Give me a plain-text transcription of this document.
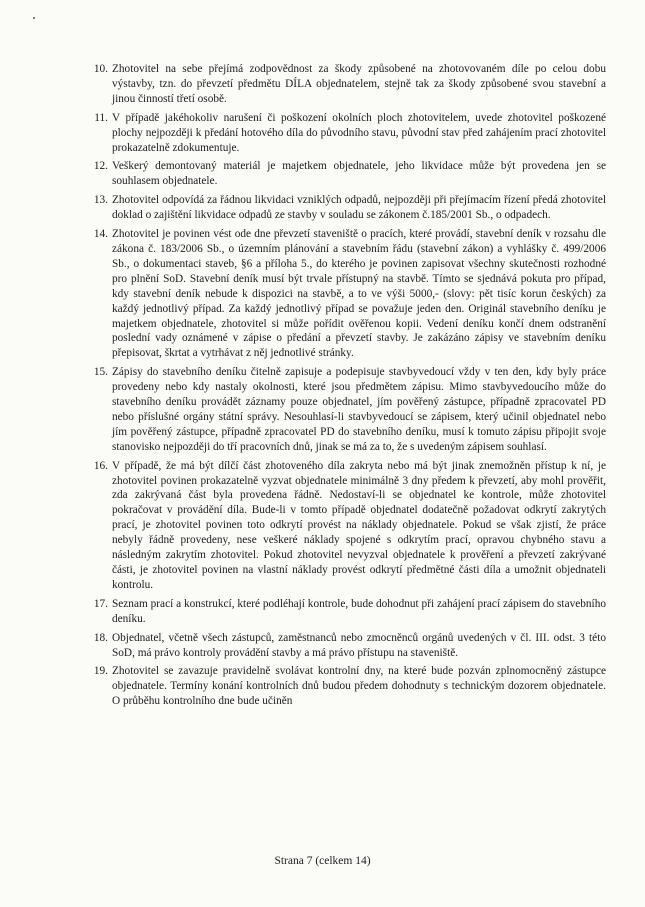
10. Zhotovitel na sebe přejímá zodpovědnost za škody způsobené na zhotovovaném díle po celou dobu výstavby, tzn. do převzetí předmětu DÍLA objednatelem, stejně tak za škody způsobené svou stavební a jinou činností třetí osobě.
11. V případě jakéhokoliv narušení či poškození okolních ploch zhotovitelem, uvede zhotovitel poškozené plochy nejpozději k předání hotového díla do původního stavu, původní stav před zahájením prací zhotovitel prokazatelně zdokumentuje.
12. Veškerý demontovaný materiál je majetkem objednatele, jeho likvidace může být provedena jen se souhlasem objednatele.
13. Zhotovitel odpovídá za řádnou likvidaci vzniklých odpadů, nejpozději při přejímacím řízení předá zhotovitel doklad o zajištění likvidace odpadů ze stavby v souladu se zákonem č.185/2001 Sb., o odpadech.
14. Zhotovitel je povinen vést ode dne převzetí staveniště o pracích, které provádí, stavební deník v rozsahu dle zákona č. 183/2006 Sb., o územním plánování a stavebním řádu (stavební zákon) a vyhlášky č. 499/2006 Sb., o dokumentaci staveb, §6 a příloha 5., do kterého je povinen zapisovat všechny skutečnosti rozhodné pro plnění SoD. Stavební deník musí být trvale přístupný na stavbě. Tímto se sjednává pokuta pro případ, kdy stavební deník nebude k dispozici na stavbě, a to ve výši 5000,- (slovy: pět tisíc korun českých) za každý jednotlivý případ. Za každý jednotlivý případ se považuje jeden den. Originál stavebního deníku je majetkem objednatele, zhotovitel si může pořídit ověřenou kopii. Vedení deníku končí dnem odstranění poslední vady oznámené v zápise o předání a převzetí stavby. Je zakázáno zápisy ve stavebním deníku přepisovat, škrtat a vytrhávat z něj jednotlivé stránky.
15. Zápisy do stavebního deníku čitelně zapisuje a podepisuje stavbyvedoucí vždy v ten den, kdy byly práce provedeny nebo kdy nastaly okolnosti, které jsou předmětem zápisu. Mimo stavbyvedoucího může do stavebního deníku provádět záznamy pouze objednatel, jím pověřený zástupce, případně zpracovatel PD nebo příslušné orgány státní správy. Nesouhlasí-li stavbyvedoucí se zápisem, který učinil objednatel nebo jím pověřený zástupce, případně zpracovatel PD do stavebního deníku, musí k tomuto zápisu připojit svoje stanovisko nejpozději do tří pracovních dnů, jinak se má za to, že s uvedeným zápisem souhlasí.
16. V případě, že má být dílčí část zhotoveného díla zakryta nebo má být jinak znemožněn přístup k ní, je zhotovitel povinen prokazatelně vyzvat objednatele minimálně 3 dny předem k převzetí, aby mohl prověřit, zda zakrývaná část byla provedena řádně. Nedostaví-li se objednatel ke kontrole, může zhotovitel pokračovat v provádění díla. Bude-li v tomto případě objednatel dodatečně požadovat odkrytí zakrytých prací, je zhotovitel povinen toto odkrytí provést na náklady objednatele. Pokud se však zjistí, že práce nebyly řádně provedeny, nese veškeré náklady spojené s odkrytím prací, opravou chybného stavu a následným zakrytím zhotovitel. Pokud zhotovitel nevyzval objednatele k prověření a převzetí zakrývané části, je zhotovitel povinen na vlastní náklady provést odkrytí předmětné části díla a umožnit objednateli kontrolu.
17. Seznam prací a konstrukcí, které podléhají kontrole, bude dohodnut při zahájení prací zápisem do stavebního deníku.
18. Objednatel, včetně všech zástupců, zaměstnanců nebo zmocněnců orgánů uvedených v čl. III. odst. 3 této SoD, má právo kontroly provádění stavby a má právo přístupu na staveniště.
19. Zhotovitel se zavazuje pravidelně svolávat kontrolní dny, na které bude pozván zplnomocněný zástupce objednatele. Termíny konání kontrolních dnů budou předem dohodnuty s technickým dozorem objednatele. O průběhu kontrolního dne bude učiněn
Strana 7 (celkem 14)
